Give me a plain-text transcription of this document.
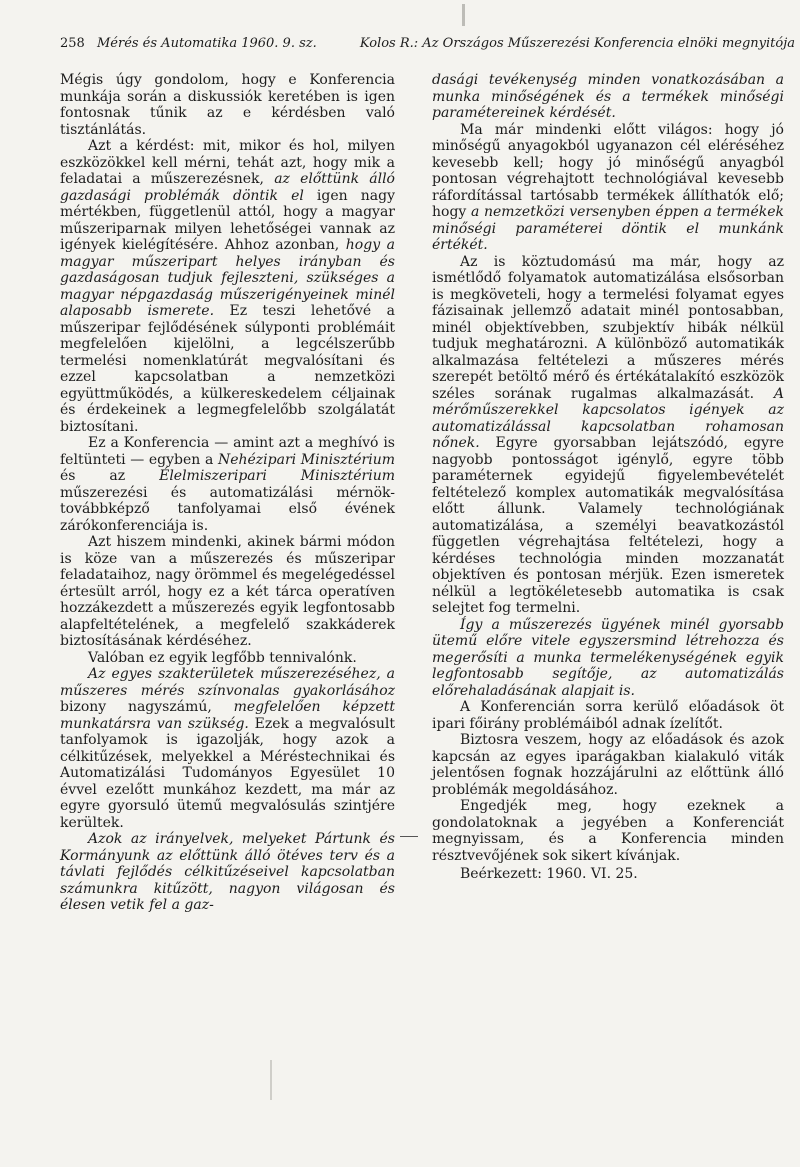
258 Mérés és Automatika 1960. 9. sz.	Kolos R.: Az Országos Műszerezési Konferencia elnöki megnyitója

Mégis úgy gondolom, hogy e Konferencia munkája során a diskussiók keretében is igen fontosnak tűnik az e kérdésben való tisztánlátás.

Azt a kérdést: mit, mikor és hol, milyen eszközökkel kell mérni, tehát azt, hogy mik a feladatai a műszerezésnek, az előttünk álló gazdasági problémák döntik el igen nagy mértékben, függetlenül attól, hogy a magyar műszeriparnak milyen lehetőségei vannak az igények kielégítésére. Ahhoz azonban, hogy a magyar műszeripart helyes irányban és gazdaságosan tudjuk fejleszteni, szükséges a magyar népgazdaság műszerigényeinek minél alaposabb ismerete. Ez teszi lehetővé a műszeripar fejlődésének súlyponti problémáit megfelelően kijelölni, a legcélszerűbb termelési nomenklatúrát megvalósítani és ezzel kapcsolatban a nemzetközi együttműködés, a külkereskedelem céljainak és érdekeinek a legmegfelelőbb szolgálatát biztosítani.

Ez a Konferencia — amint azt a meghívó is feltünteti — egyben a Nehézipari Minisztérium és az Élelmiszeripari Minisztérium műszerezési és automatizálási mérnök-továbbképző tanfolyamai első évének zárókonferenciája is.

Azt hiszem mindenki, akinek bármi módon is köze van a műszerezés és műszeripar feladataihoz, nagy örömmel és megelégedéssel értesült arról, hogy ez a két tárca operatíven hozzákezdett a műszerezés egyik legfontosabb alapfeltételének, a megfelelő szakkáderek biztosításának kérdéséhez.

Valóban ez egyik legfőbb tennivalónk.

Az egyes szakterületek műszerezéséhez, a műszeres mérés színvonalas gyakorlásához bizony nagyszámú, megfelelően képzett munkatársra van szükség. Ezek a megvalósult tanfolyamok is igazolják, hogy azok a célkitűzések, melyekkel a Méréstechnikai és Automatizálási Tudományos Egyesület 10 évvel ezelőtt munkához kezdett, ma már az egyre gyorsuló ütemű megvalósulás szintjére kerültek.

Azok az irányelvek, melyeket Pártunk és Kormányunk az előttünk álló ötéves terv és a távlati fejlődés célkitűzéseivel kapcsolatban számunkra kitűzött, nagyon világosan és élesen vetik fel a gaz-

dasági tevékenység minden vonatkozásában a munka minőségének és a termékek minőségi paramétereinek kérdését.

Ma már mindenki előtt világos: hogy jó minőségű anyagokból ugyanazon cél eléréséhez kevesebb kell; hogy jó minőségű anyagból pontosan végrehajtott technológiával kevesebb ráfordítással tartósabb termékek állíthatók elő; hogy a nemzetközi versenyben éppen a termékek minőségi paraméterei döntik el munkánk értékét.

Az is köztudomású ma már, hogy az ismétlődő folyamatok automatizálása elsősorban is megköveteli, hogy a termelési folyamat egyes fázisainak jellemző adatait minél pontosabban, minél objektívebben, szubjektív hibák nélkül tudjuk meghatározni. A különböző automatikák alkalmazása feltételezi a műszeres mérés szerepét betöltő mérő és értékátalakító eszközök széles sorának rugalmas alkalmazását. A mérőműszerekkel kapcsolatos igények az automatizálással kapcsolatban rohamosan nőnek. Egyre gyorsabban lejátszódó, egyre nagyobb pontosságot igénylő, egyre több paraméternek egyidejű figyelembevételét feltételező komplex automatikák megvalósítása előtt állunk. Valamely technológiának automatizálása, a személyi beavatkozástól független végrehajtása feltételezi, hogy a kérdéses technológia minden mozzanatát objektíven és pontosan mérjük. Ezen ismeretek nélkül a legtökéletesebb automatika is csak selejtet fog termelni.

Így a műszerezés ügyének minél gyorsabb ütemű előre vitele egyszersmind létrehozza és megerősíti a munka termelékenységének egyik legfontosabb segítője, az automatizálás előrehaladásának alapjait is.

A Konferencián sorra kerülő előadások öt ipari főirány problémáiból adnak ízelítőt.

Biztosra veszem, hogy az előadások és azok kapcsán az egyes iparágakban kialakuló viták jelentősen fognak hozzájárulni az előttünk álló problémák megoldásához.

Engedjék meg, hogy ezeknek a gondolatoknak a jegyében a Konferenciát megnyissam, és a Konferencia minden résztvevőjének sok sikert kívánjak.

Beérkezett: 1960. VI. 25.
